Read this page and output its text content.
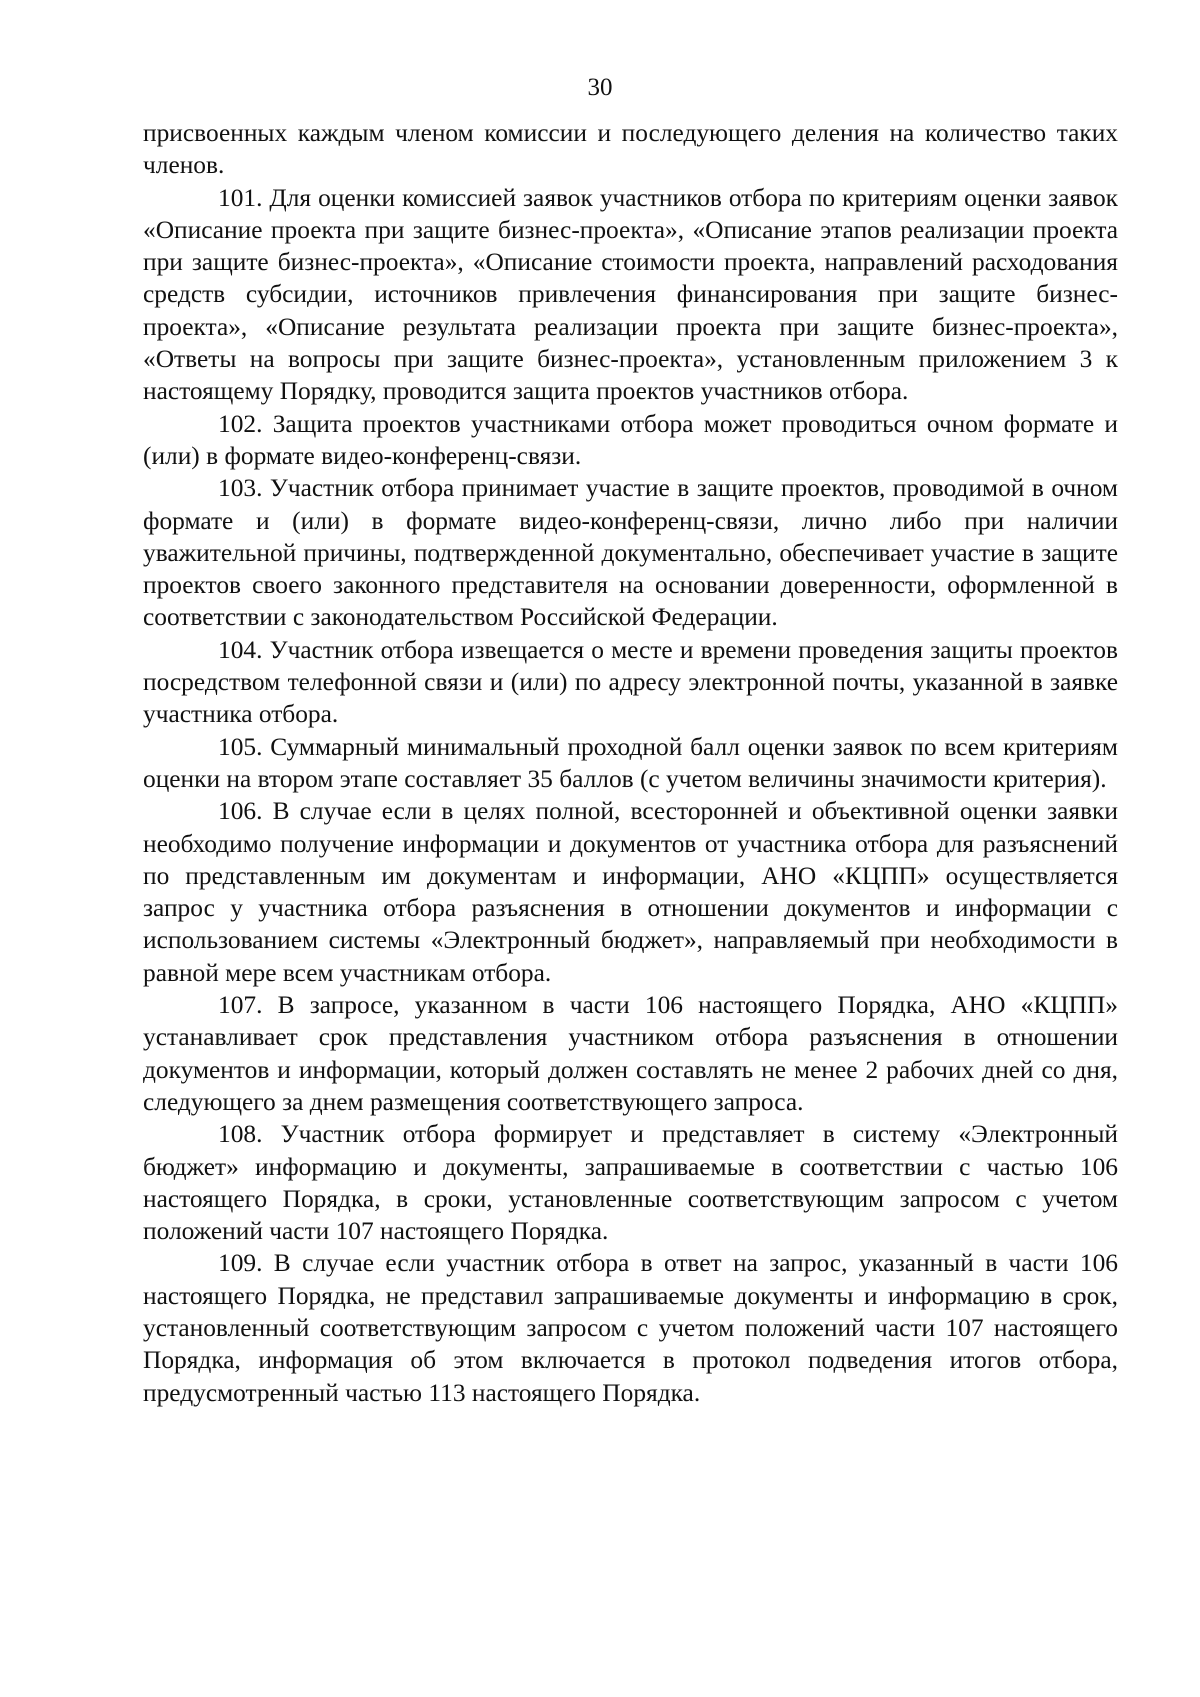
30

присвоенных каждым членом комиссии и последующего деления на количество таких членов.

101. Для оценки комиссией заявок участников отбора по критериям оценки заявок «Описание проекта при защите бизнес-проекта», «Описание этапов реализации проекта при защите бизнес-проекта», «Описание стоимости проекта, направлений расходования средств субсидии, источников привлечения финансирования при защите бизнес-проекта», «Описание результата реализации проекта при защите бизнес-проекта», «Ответы на вопросы при защите бизнес-проекта», установленным приложением 3 к настоящему Порядку, проводится защита проектов участников отбора.

102. Защита проектов участниками отбора может проводиться очном формате и (или) в формате видео-конференц-связи.

103. Участник отбора принимает участие в защите проектов, проводимой в очном формате и (или) в формате видео-конференц-связи, лично либо при наличии уважительной причины, подтвержденной документально, обеспечивает участие в защите проектов своего законного представителя на основании доверенности, оформленной в соответствии с законодательством Российской Федерации.

104. Участник отбора извещается о месте и времени проведения защиты проектов посредством телефонной связи и (или) по адресу электронной почты, указанной в заявке участника отбора.

105. Суммарный минимальный проходной балл оценки заявок по всем критериям оценки на втором этапе составляет 35 баллов (с учетом величины значимости критерия).

106. В случае если в целях полной, всесторонней и объективной оценки заявки необходимо получение информации и документов от участника отбора для разъяснений по представленным им документам и информации, АНО «КЦПП» осуществляется запрос у участника отбора разъяснения в отношении документов и информации с использованием системы «Электронный бюджет», направляемый при необходимости в равной мере всем участникам отбора.

107. В запросе, указанном в части 106 настоящего Порядка, АНО «КЦПП» устанавливает срок представления участником отбора разъяснения в отношении документов и информации, который должен составлять не менее 2 рабочих дней со дня, следующего за днем размещения соответствующего запроса.

108. Участник отбора формирует и представляет в систему «Электронный бюджет» информацию и документы, запрашиваемые в соответствии с частью 106 настоящего Порядка, в сроки, установленные соответствующим запросом с учетом положений части 107 настоящего Порядка.

109. В случае если участник отбора в ответ на запрос, указанный в части 106 настоящего Порядка, не представил запрашиваемые документы и информацию в срок, установленный соответствующим запросом с учетом положений части 107 настоящего Порядка, информация об этом включается в протокол подведения итогов отбора, предусмотренный частью 113 настоящего Порядка.
